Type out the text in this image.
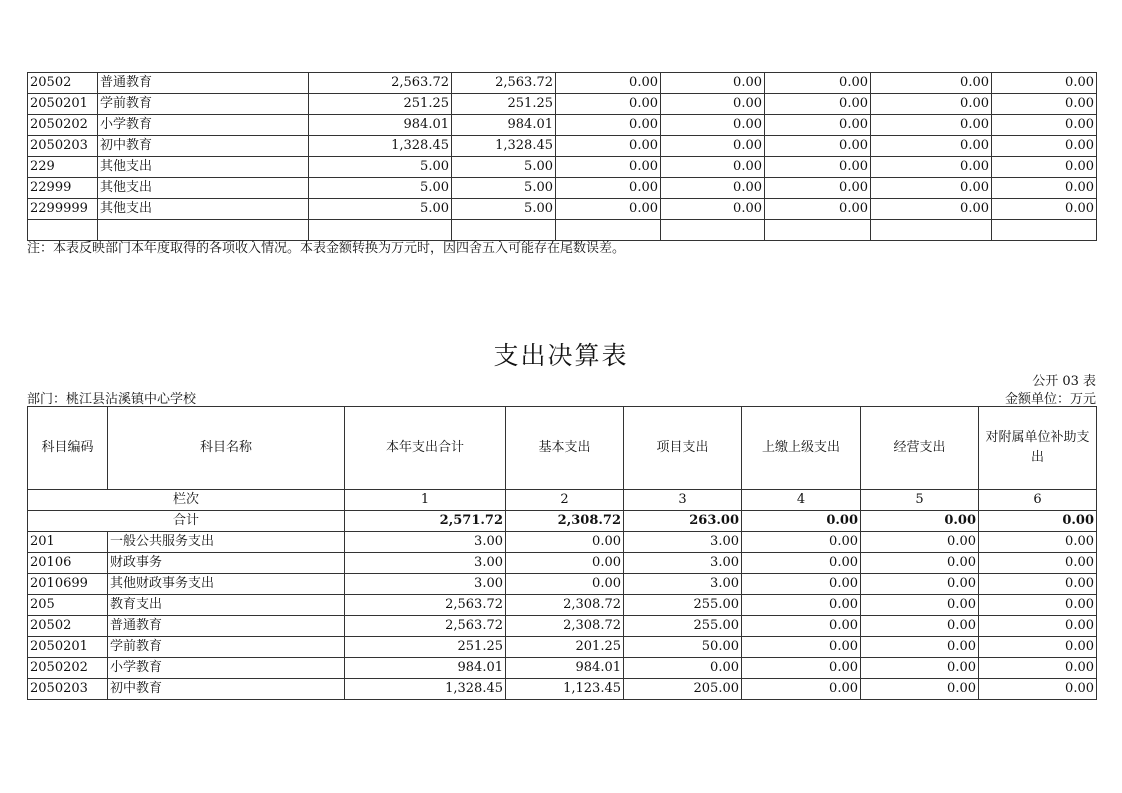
20502	普通教育	2,563.72	2,563.72	0.00	0.00	0.00	0.00	0.00
2050201	学前教育	251.25	251.25	0.00	0.00	0.00	0.00	0.00
2050202	小学教育	984.01	984.01	0.00	0.00	0.00	0.00	0.00
2050203	初中教育	1,328.45	1,328.45	0.00	0.00	0.00	0.00	0.00
229	其他支出	5.00	5.00	0.00	0.00	0.00	0.00	0.00
22999	其他支出	5.00	5.00	0.00	0.00	0.00	0.00	0.00
2299999	其他支出	5.00	5.00	0.00	0.00	0.00	0.00	0.00

注：本表反映部门本年度取得的各项收入情况。本表金额转换为万元时，因四舍五入可能存在尾数误差。
支出决算表
公开 03 表
部门：桃江县沾溪镇中心学校	金额单位：万元
科目编码	科目名称	本年支出合计	基本支出	项目支出	上缴上级支出	经营支出	对附属单位补助支出
栏次		1	2	3	4	5	6
合计		2,571.72	2,308.72	263.00	0.00	0.00	0.00
201	一般公共服务支出	3.00	0.00	3.00	0.00	0.00	0.00
20106	财政事务	3.00	0.00	3.00	0.00	0.00	0.00
2010699	其他财政事务支出	3.00	0.00	3.00	0.00	0.00	0.00
205	教育支出	2,563.72	2,308.72	255.00	0.00	0.00	0.00
20502	普通教育	2,563.72	2,308.72	255.00	0.00	0.00	0.00
2050201	学前教育	251.25	201.25	50.00	0.00	0.00	0.00
2050202	小学教育	984.01	984.01	0.00	0.00	0.00	0.00
2050203	初中教育	1,328.45	1,123.45	205.00	0.00	0.00	0.00
